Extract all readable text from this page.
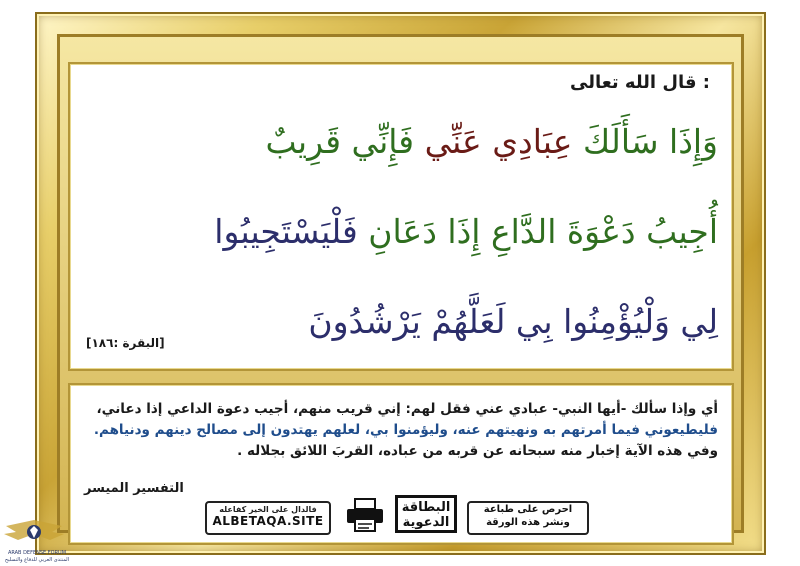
قال الله تعالى :
وَإِذَا سَأَلَكَ عِبَادِي عَنِّي فَإِنِّي قَرِيبٌ
أُجِيبُ دَعْوَةَ الدَّاعِ إِذَا دَعَانِ فَلْيَسْتَجِيبُوا
لِي وَلْيُؤْمِنُوا بِي لَعَلَّهُمْ يَرْشُدُونَ
[البقرة :١٨٦]

أي وإذا سألك -أيها النبي- عبادي عني فقل لهم: إني قريب منهم، أجيب دعوة الداعي إذا دعاني،

فليطيعوني فيما أمرتهم به ونهيتهم عنه، وليؤمنوا بي، لعلهم يهتدون إلى مصالح دينهم ودنياهم.

وفي هذه الآية إخبار منه سبحانه عن قربه من عباده، القربَ اللائق بجلاله .

التفسير الميسر
فالدال على الخير كفاعله
ALBETAQA.SITE
البطاقة
الدعوية
احرص على طباعة
ونشر هذه الورقة
ARAB DEFENSE FORUM
المنتدى العربي للدفاع والتسليح
